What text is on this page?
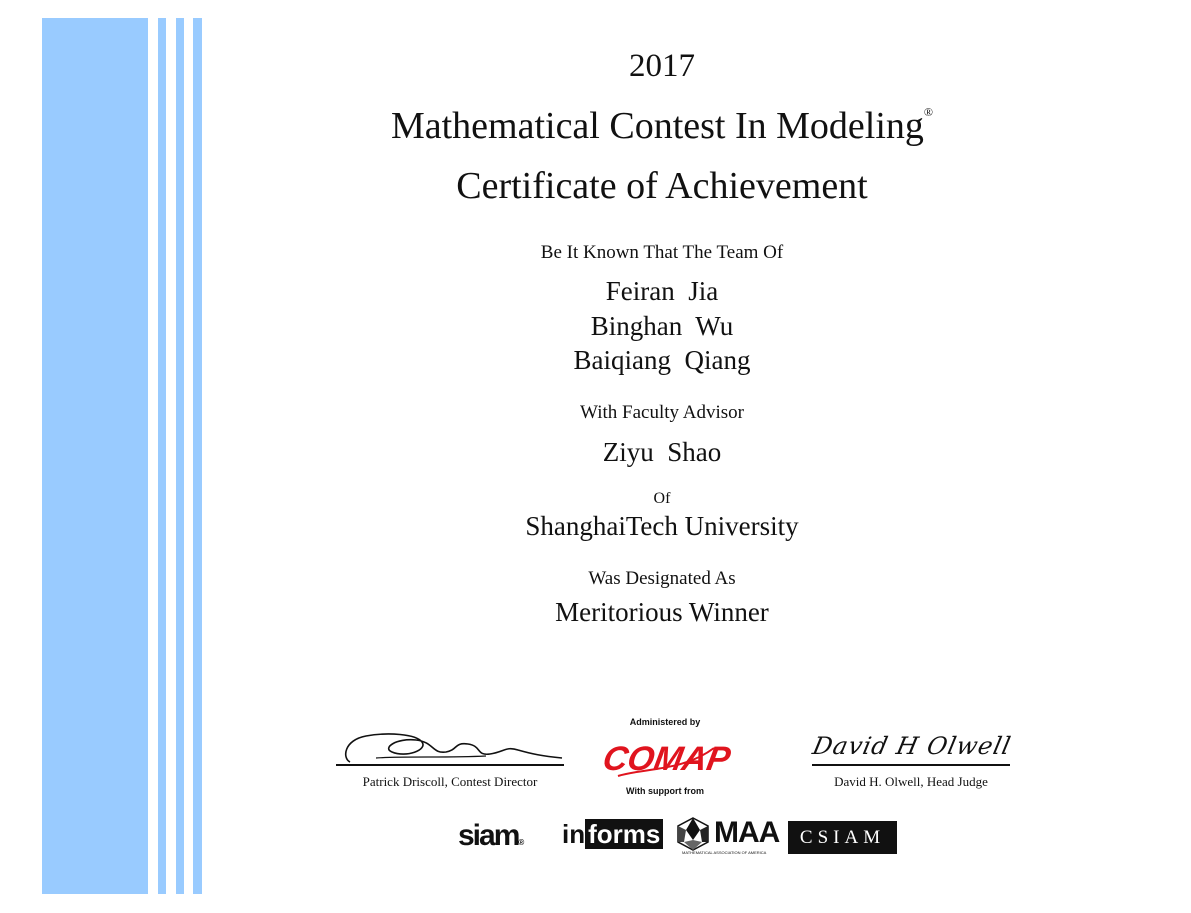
2017
Mathematical Contest In Modeling®
Certificate of Achievement
Be It Known That The Team Of
Feiran  Jia
Binghan  Wu
Baiqiang  Qiang
With Faculty Advisor
Ziyu  Shao
Of
ShanghaiTech University
Was Designated As
Meritorious Winner
Patrick Driscoll, Contest Director
David H Olwell
David H. Olwell, Head Judge
Administered by
COMAP
With support from
siam®	in forms MAA
MATHEMATICAL ASSOCIATION OF AMERICA
CSIAM
